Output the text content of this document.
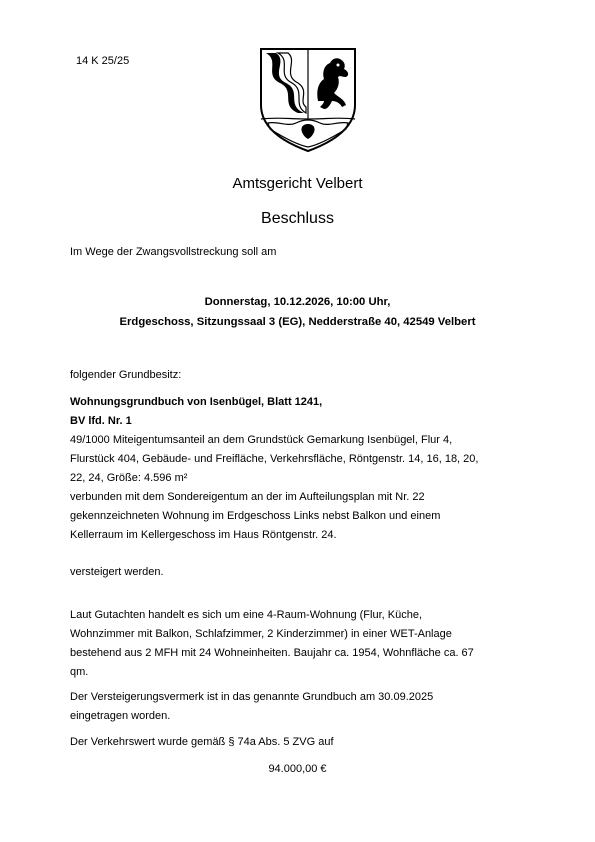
14 K 25/25
Amtsgericht Velbert
Beschluss
Im Wege der Zwangsvollstreckung soll am
Donnerstag, 10.12.2026, 10:00 Uhr,
Erdgeschoss, Sitzungssaal 3 (EG), Nedderstraße 40, 42549 Velbert
folgender Grundbesitz:
Wohnungsgrundbuch von Isenbügel, Blatt 1241,
BV lfd. Nr. 1
49/1000 Miteigentumsanteil an dem Grundstück Gemarkung Isenbügel, Flur 4,
Flurstück 404, Gebäude- und Freifläche, Verkehrsfläche, Röntgenstr. 14, 16, 18, 20,
22, 24, Größe: 4.596 m²
verbunden mit dem Sondereigentum an der im Aufteilungsplan mit Nr. 22
gekennzeichneten Wohnung im Erdgeschoss Links nebst Balkon und einem
Kellerraum im Kellergeschoss im Haus Röntgenstr. 24.
versteigert werden.
Laut Gutachten handelt es sich um eine 4-Raum-Wohnung (Flur, Küche,
Wohnzimmer mit Balkon, Schlafzimmer, 2 Kinderzimmer) in einer WET-Anlage
bestehend aus 2 MFH mit 24 Wohneinheiten. Baujahr ca. 1954, Wohnfläche ca. 67
qm.
Der Versteigerungsvermerk ist in das genannte Grundbuch am 30.09.2025
eingetragen worden.
Der Verkehrswert wurde gemäß § 74a Abs. 5 ZVG auf
94.000,00 €
